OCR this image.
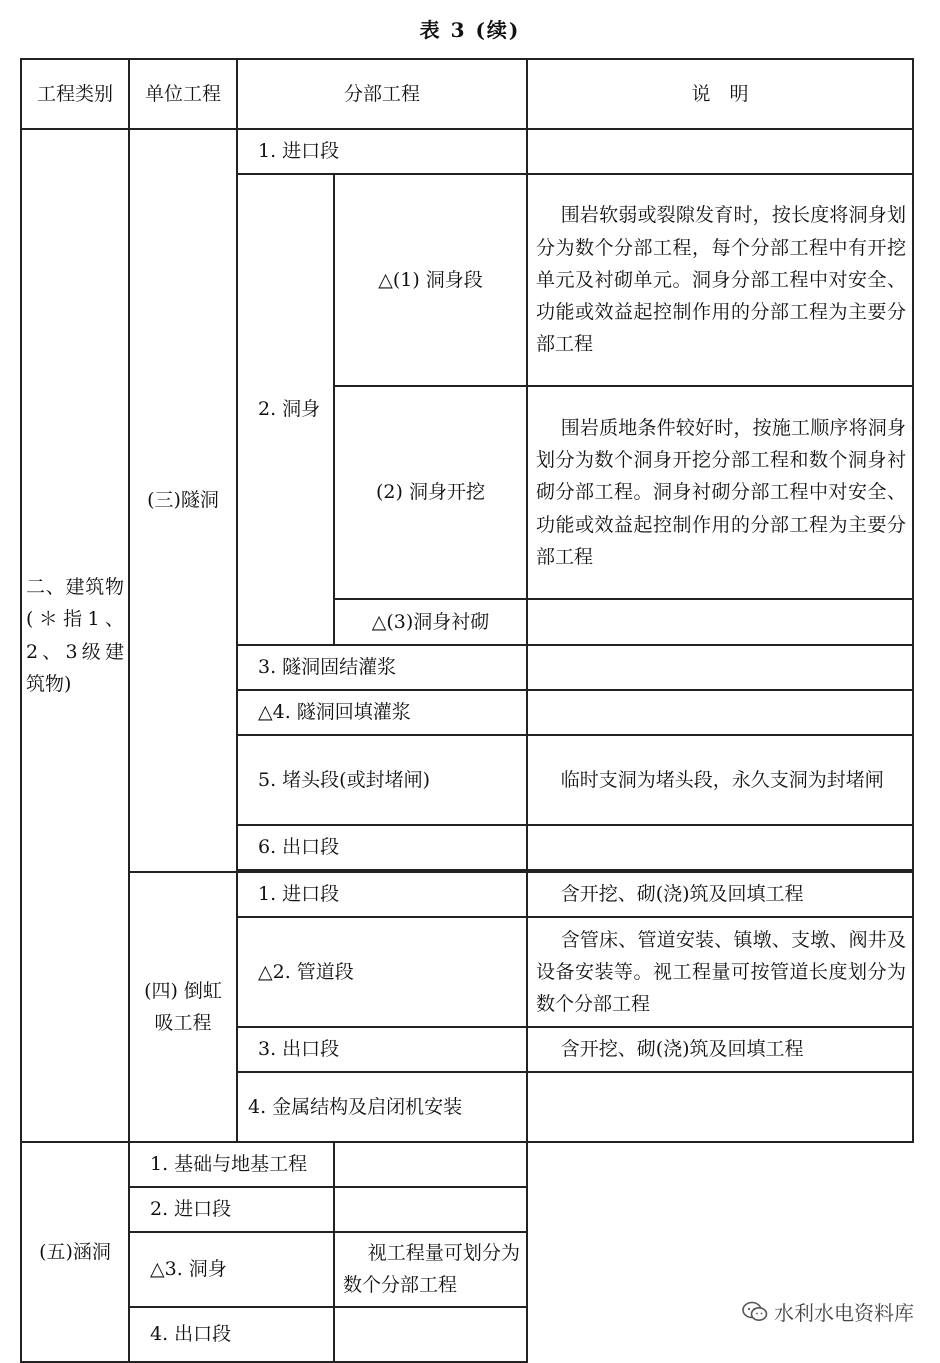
表 3 (续)
工程类别	单位工程	分部工程		说　明
二、建筑物(＊指1、2、3级建筑物)	(三)隧洞	1. 进口段		
		2. 洞身	△(1) 洞身段	围岩软弱或裂隙发育时，按长度将洞身划分为数个分部工程，每个分部工程中有开挖单元及衬砌单元。洞身分部工程中对安全、功能或效益起控制作用的分部工程为主要分部工程
			(2) 洞身开挖	围岩质地条件较好时，按施工顺序将洞身划分为数个洞身开挖分部工程和数个洞身衬砌分部工程。洞身衬砌分部工程中对安全、功能或效益起控制作用的分部工程为主要分部工程
			△(3)洞身衬砌	
		3. 隧洞固结灌浆		
		△4. 隧洞回填灌浆		
		5. 堵头段(或封堵闸)		临时支洞为堵头段，永久支洞为封堵闸
		6. 出口段		

	(四) 倒虹吸工程	1. 进口段		含开挖、砌(浇)筑及回填工程
		△2. 管道段		含管床、管道安装、镇墩、支墩、阀井及设备安装等。视工程量可按管道长度划分为数个分部工程
		3. 出口段		含开挖、砌(浇)筑及回填工程
		4. 金属结构及启闭机安装		
(五)涵洞	1. 基础与地基工程			
	2. 进口段			
	△3. 洞身		视工程量可划分为数个分部工程	
	4. 出口段			
水利水电资料库
